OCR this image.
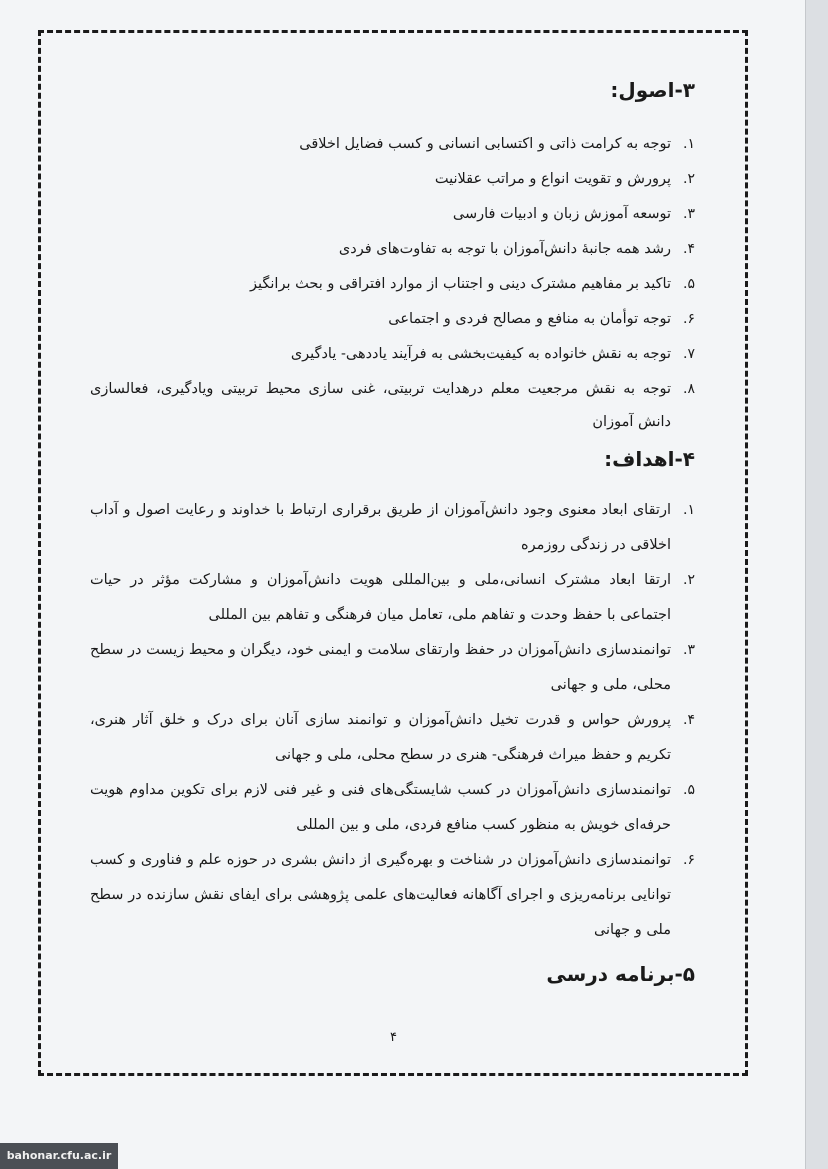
۳-اصول:
۱.
توجه به کرامت ذاتی و اکتسابی انسانی و کسب فضایل اخلاقی
۲.
پرورش و تقویت انواع و مراتب عقلانیت
۳.
توسعه آموزش زبان و ادبیات فارسی
۴.
رشد همه جانبهٔ دانش‌آموزان با توجه به تفاوت‌های فردی
۵.
تاکید بر مفاهیم مشترک دینی و اجتناب از موارد افتراقی و بحث برانگیز
۶.
توجه توأمان به منافع و مصالح فردی و اجتماعی
۷.
توجه به نقش خانواده به کیفیت‌بخشی به فرآیند یاددهی- یادگیری
۸.
توجه به نقش مرجعیت معلم درهدایت تربیتی، غنی سازی محیط تربیتی ویادگیری، فعالسازی دانش آموزان
۴-اهداف:
۱.
ارتقای ابعاد معنوی وجود دانش‌آموزان از طریق برقراری ارتباط با خداوند و رعایت اصول و آداب اخلاقی در زندگی روزمره
۲.
ارتقا ابعاد مشترک انسانی،ملی و بین‌المللی هویت دانش‌آموزان و مشارکت مؤثر در حیات اجتماعی با حفظ وحدت و تفاهم ملی، تعامل میان فرهنگی و تفاهم بین المللی
۳.
توانمندسازی دانش‌آموزان در حفظ وارتقای سلامت و ایمنی خود، دیگران و محیط زیست در سطح محلی، ملی و جهانی
۴.
پرورش حواس و قدرت تخیل دانش‌آموزان و توانمند سازی آنان برای درک و خلق آثار هنری، تکریم و حفظ میراث فرهنگی- هنری در سطح محلی، ملی و جهانی
۵.
توانمندسازی دانش‌آموزان در کسب شایستگی‌های فنی و غیر فنی لازم برای تکوین مداوم هویت حرفه‌ای خویش به منظور کسب منافع فردی، ملی و بین المللی
۶.
توانمندسازی دانش‌آموزان در شناخت و بهره‌گیری از دانش بشری در حوزه علم و فناوری و کسب توانایی برنامه‌ریزی و اجرای آگاهانه فعالیت‌های علمی پژوهشی برای ایفای نقش سازنده در سطح ملی و جهانی
۵-برنامه درسی
۴
bahonar.cfu.ac.ir
